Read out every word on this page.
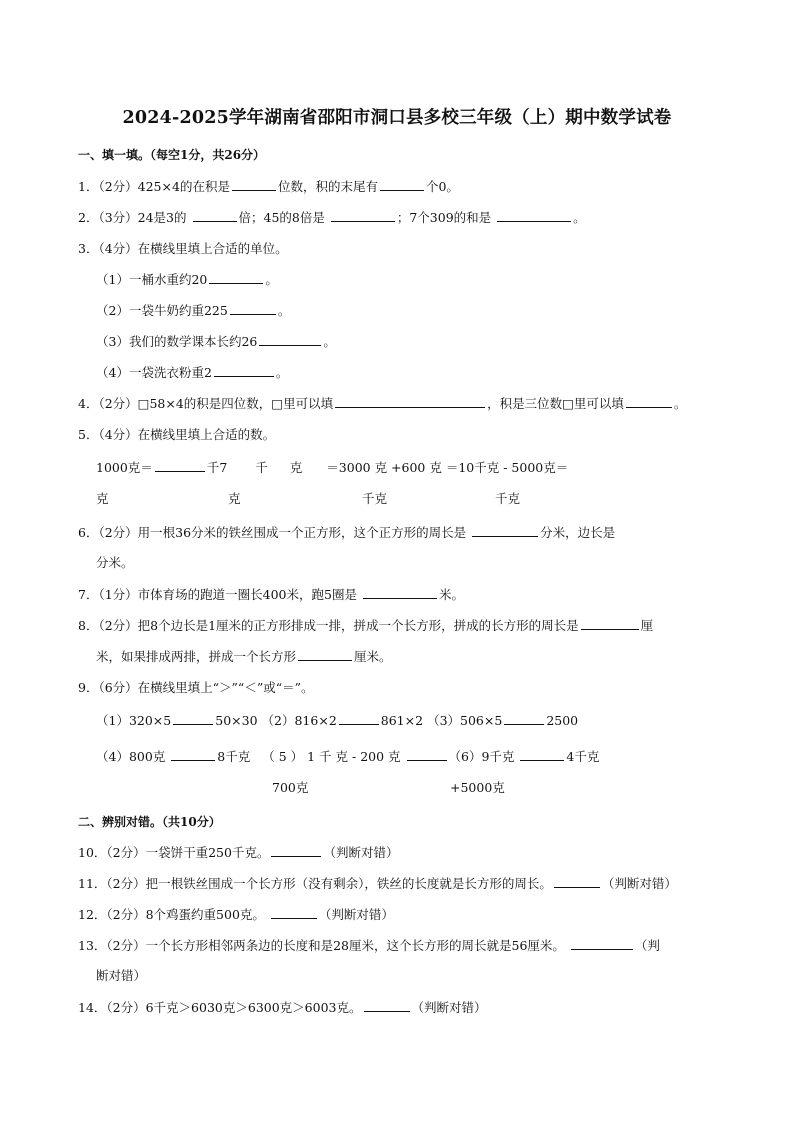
2024-2025学年湖南省邵阳市洞口县多校三年级（上）期中数学试卷
一、填一填。（每空1分，共26分）
1．（2分）425×4的在积是	位数，积的末尾有	个0。
2．（3分）24是3的	倍；45的8倍是	；7个309的和是	。
3．（4分）在横线里填上合适的单位。
（1）一桶水重约20	。
（2）一袋牛奶约重225	。
（3）我们的数学课本长约26	。
（4）一袋洗衣粉重2	。
4．（2分）□58×4的积是四位数，□里可以填	，积是三位数□里可以填	。
5．（4分）在横线里填上合适的数。
1000克＝	千7 千 克 ＝3000 克 +600 克 ＝10千克 - 5000克＝
克	克	千克	千克
6．（2分）用一根36分米的铁丝围成一个正方形，这个正方形的周长是	分米，边长是
分米。
7．（1分）市体育场的跑道一圈长400米，跑5圈是	米。
8．（2分）把8个边长是1厘米的正方形排成一排，拼成一个长方形，拼成的长方形的周长是	厘
米，如果排成两排，拼成一个长方形	厘米。
9．（6分）在横线里填上“＞”“＜”或“＝”。
（1）320×5	50×30 （2）816×2	861×2 （3）506×5	2500
（4）800克	8千克 （ 5 ） 1 千 克 - 200 克	（6）9千克	4千克
700克	+5000克
二、辨别对错。（共10分）
10．（2分）一袋饼干重250千克。	（判断对错）
11．（2分）把一根铁丝围成一个长方形（没有剩余），铁丝的长度就是长方形的周长。	（判断对错）
12．（2分）8个鸡蛋约重500克。	（判断对错）
13．（2分）一个长方形相邻两条边的长度和是28厘米，这个长方形的周长就是56厘米。	（判
断对错）
14．（2分）6千克＞6030克＞6300克＞6003克。	（判断对错）
